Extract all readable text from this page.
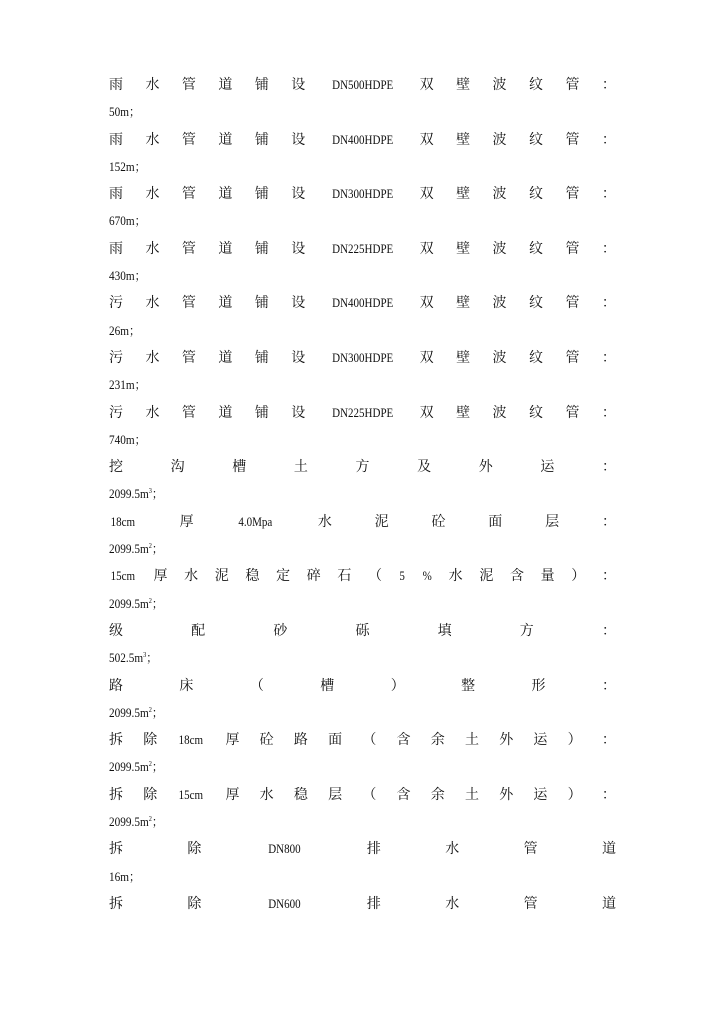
雨 水 管 道 铺 设 DN500HDPE 双 壁 波 纹 管 ：
50m；
雨 水 管 道 铺 设 DN400HDPE 双 壁 波 纹 管 ：
152m；
雨 水 管 道 铺 设 DN300HDPE 双 壁 波 纹 管 ：
670m；
雨 水 管 道 铺 设 DN225HDPE 双 壁 波 纹 管 ：
430m；
污 水 管 道 铺 设 DN400HDPE 双 壁 波 纹 管 ：
26m；
污 水 管 道 铺 设 DN300HDPE 双 壁 波 纹 管 ：
231m；
污 水 管 道 铺 设 DN225HDPE 双 壁 波 纹 管 ：
740m；
挖	沟	槽	土	方	及	外	运	：
$2099.5m^3$；
18cm	厚	4.0Mpa	水	泥	砼	面	层	：
$2099.5m^2$；
15cm 厚 水 泥 稳 定 碎 石 （ 5 % 水 泥 含 量 ） ：
$2099.5m^2$；
级	配	砂	砾	填	方	：
$502.5m^3$；
路	床	（	槽	）	整	形	：
$2099.5m^2$；
拆 除 18cm 厚 砼 路 面 （ 含 余 土 外 运 ） ：
$2099.5m^2$；
拆 除 15cm 厚 水 稳 层 （ 含 余 土 外 运 ） ：
$2099.5m^2$；
拆	除	DN800	排	水	管	道
16m；
拆	除	DN600	排	水	管	道
